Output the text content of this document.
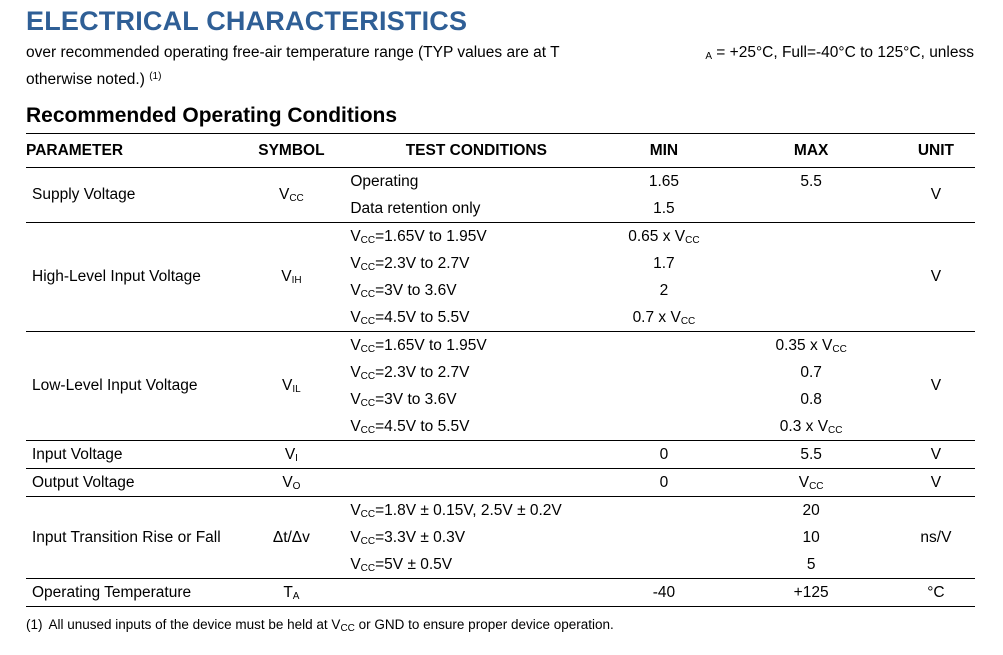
ELECTRICAL CHARACTERISTICS
over recommended operating free-air temperature range (TYP values are at T	$_A$ = +25°C, Full=-40°C to 125°C, unless
otherwise noted.) $^{(1)}$
Recommended Operating Conditions
PARAMETER	SYMBOL	TEST CONDITIONS	MIN	MAX	UNIT
Supply Voltage	$V_{CC}$	Operating	1.65	5.5	V
		Data retention only	1.5		
High-Level Input Voltage	$V_{IH}$	$V_{CC}=1.65V$ to 1.95V	0.65 x $V_{CC}$		V
		$V_{CC}=2.3V$ to 2.7V	1.7		
		$V_{CC}=3V$ to 3.6V	2		
		$V_{CC}=4.5V$ to 5.5V	0.7 x $V_{CC}$	
Low-Level Input Voltage	$V_{IL}$	$V_{CC}=1.65V$ to 1.95V		0.35 x $V_{CC}$	V
		$V_{CC}=2.3V$ to 2.7V		0.7	
		$V_{CC}=3V$ to 3.6V		0.8	
		$V_{CC}=4.5V$ to 5.5V		0.3 x $V_{CC}$
Input Voltage	$V_I$		0	5.5	V
Output Voltage	$V_O$		0	$V_{CC}$	V
Input Transition Rise or Fall	Δt/Δv	$V_{CC}=1.8V \pm 0.15V$, 2.5V ± 0.2V		20	ns/V
		$V_{CC}=3.3V \pm 0.3V$		10	
		$V_{CC}=5V \pm 0.5V$		5	
Operating Temperature	$T_A$		-40	+125	°C
(1) All unused inputs of the device must be held at $V_{CC}$ or GND to ensure proper device operation.
